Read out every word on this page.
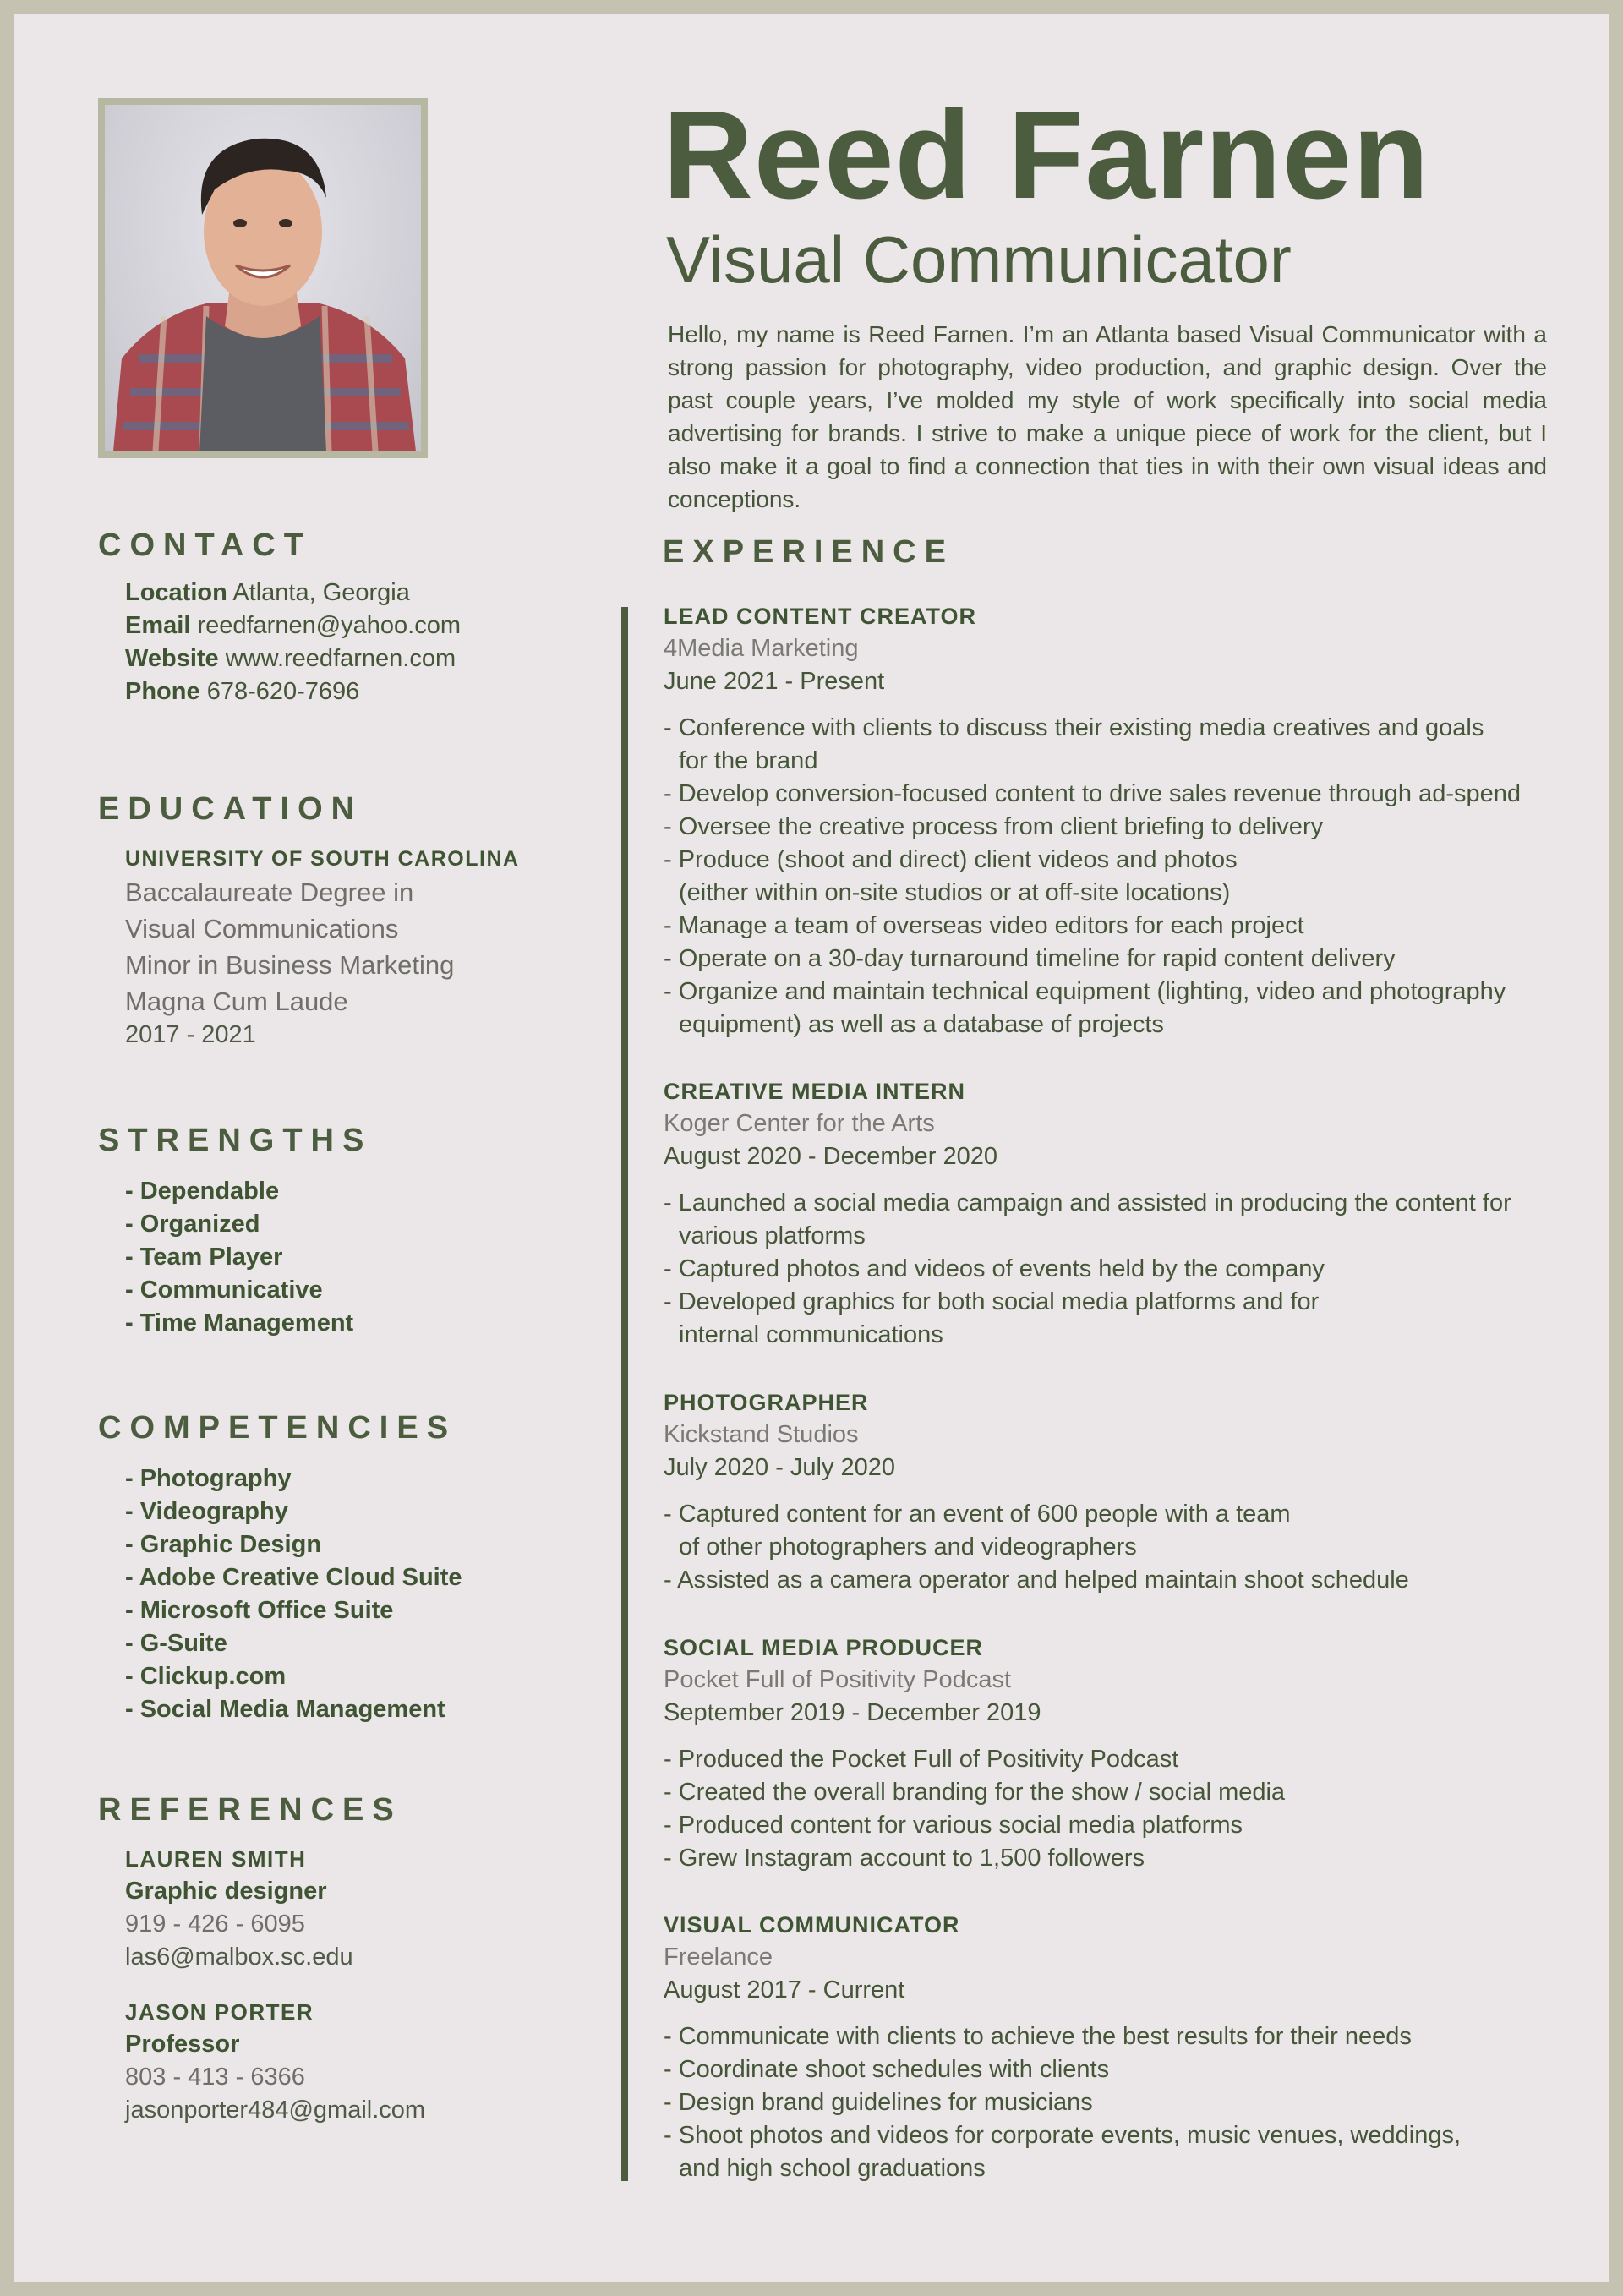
CONTACT
Location Atlanta, Georgia
Email reedfarnen@yahoo.com
Website www.reedfarnen.com
Phone 678-620-7696
EDUCATION
UNIVERSITY OF SOUTH CAROLINA
Baccalaureate Degree in
Visual Communications
Minor in Business Marketing
Magna Cum Laude
2017 - 2021
STRENGTHS
- Dependable
- Organized
- Team Player
- Communicative
- Time Management
COMPETENCIES
- Photography
- Videography
- Graphic Design
- Adobe Creative Cloud Suite
- Microsoft Office Suite
- G-Suite
- Clickup.com
- Social Media Management
REFERENCES
LAUREN SMITH
Graphic designer
919 - 426 - 6095
las6@malbox.sc.edu
JASON PORTER
Professor
803 - 413 - 6366
jasonporter484@gmail.com
Reed Farnen
Visual Communicator
Hello, my name is Reed Farnen. I’m an Atlanta based Visual Communicator with a strong passion for photography, video production, and graphic design. Over the past couple years, I’ve molded my style of work specifically into social media advertising for brands. I strive to make a unique piece of work for the client, but I also make it a goal to find a connection that ties in with their own visual ideas and conceptions.
EXPERIENCE
LEAD CONTENT CREATOR
4Media Marketing
June 2021 - Present
- Conference with clients to discuss their existing media creatives and goals
for the brand
- Develop conversion-focused content to drive sales revenue through ad-spend
- Oversee the creative process from client briefing to delivery
- Produce (shoot and direct) client videos and photos
(either within on-site studios or at off-site locations)
- Manage a team of overseas video editors for each project
- Operate on a 30-day turnaround timeline for rapid content delivery
- Organize and maintain technical equipment (lighting, video and photography
equipment) as well as a database of projects
CREATIVE MEDIA INTERN
Koger Center for the Arts
August 2020 - December 2020
- Launched a social media campaign and assisted in producing the content for
various platforms
- Captured photos and videos of events held by the company
- Developed graphics for both social media platforms and for
internal communications
PHOTOGRAPHER
Kickstand Studios
July 2020 - July 2020
- Captured content for an event of 600 people with a team
of other photographers and videographers
- Assisted as a camera operator and helped maintain shoot schedule
SOCIAL MEDIA PRODUCER
Pocket Full of Positivity Podcast
September 2019 - December 2019
- Produced the Pocket Full of Positivity Podcast
- Created the overall branding for the show / social media
- Produced content for various social media platforms
- Grew Instagram account to 1,500 followers
VISUAL COMMUNICATOR
Freelance
August 2017 - Current
- Communicate with clients to achieve the best results for their needs
- Coordinate shoot schedules with clients
- Design brand guidelines for musicians
- Shoot photos and videos for corporate events, music venues, weddings,
and high school graduations
